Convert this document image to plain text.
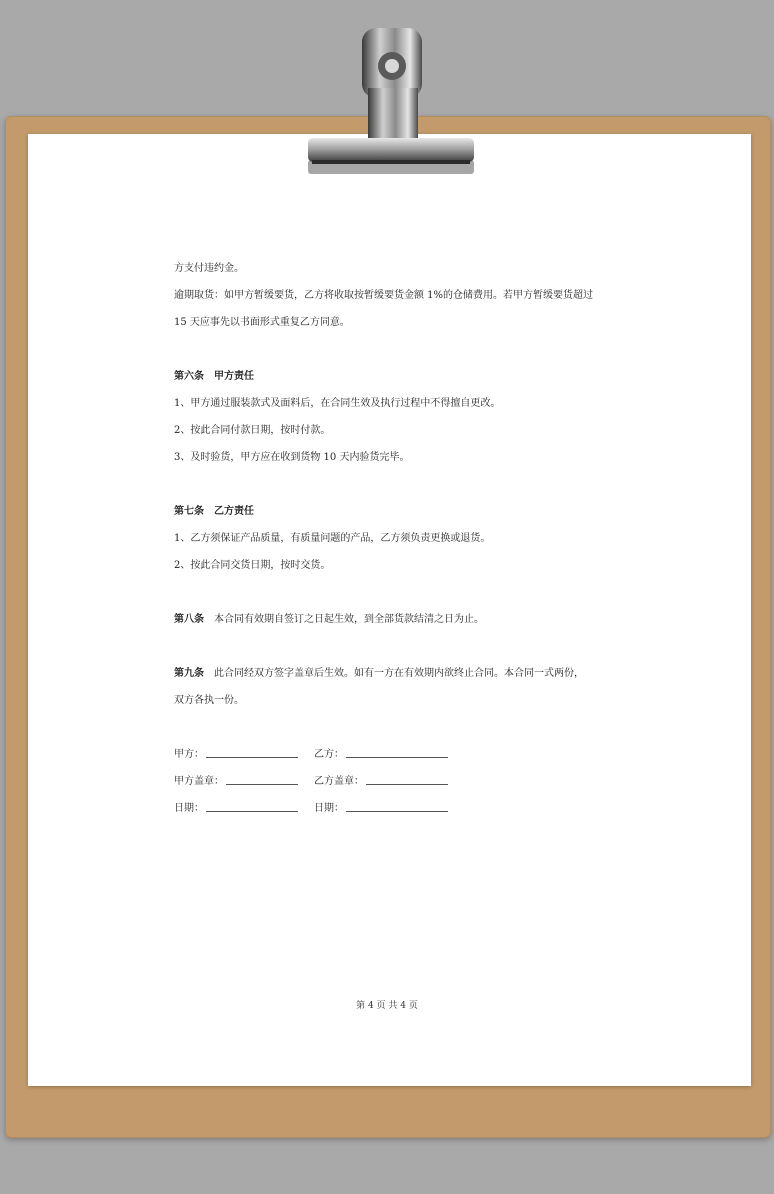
方支付违约金。

逾期取货：如甲方暂缓要货，乙方将收取按暂缓要货金额 1%的仓储费用。若甲方暂缓要货超过

15 天应事先以书面形式重复乙方同意。

第六条　甲方责任

1、甲方通过服装款式及面料后，在合同生效及执行过程中不得擅自更改。

2、按此合同付款日期，按时付款。

3、及时验货，甲方应在收到货物 10 天内验货完毕。

第七条　乙方责任

1、乙方须保证产品质量，有质量问题的产品，乙方须负责更换或退货。

2、按此合同交货日期，按时交货。

第八条　 本合同有效期自签订之日起生效，到全部货款结清之日为止。

第九条　 此合同经双方签字盖章后生效。如有一方在有效期内欲终止合同。本合同一式两份，

双方各执一份。

甲方：	乙方：
甲方盖章：	乙方盖章：
日期：	日期：
第 4 页 共 4 页
